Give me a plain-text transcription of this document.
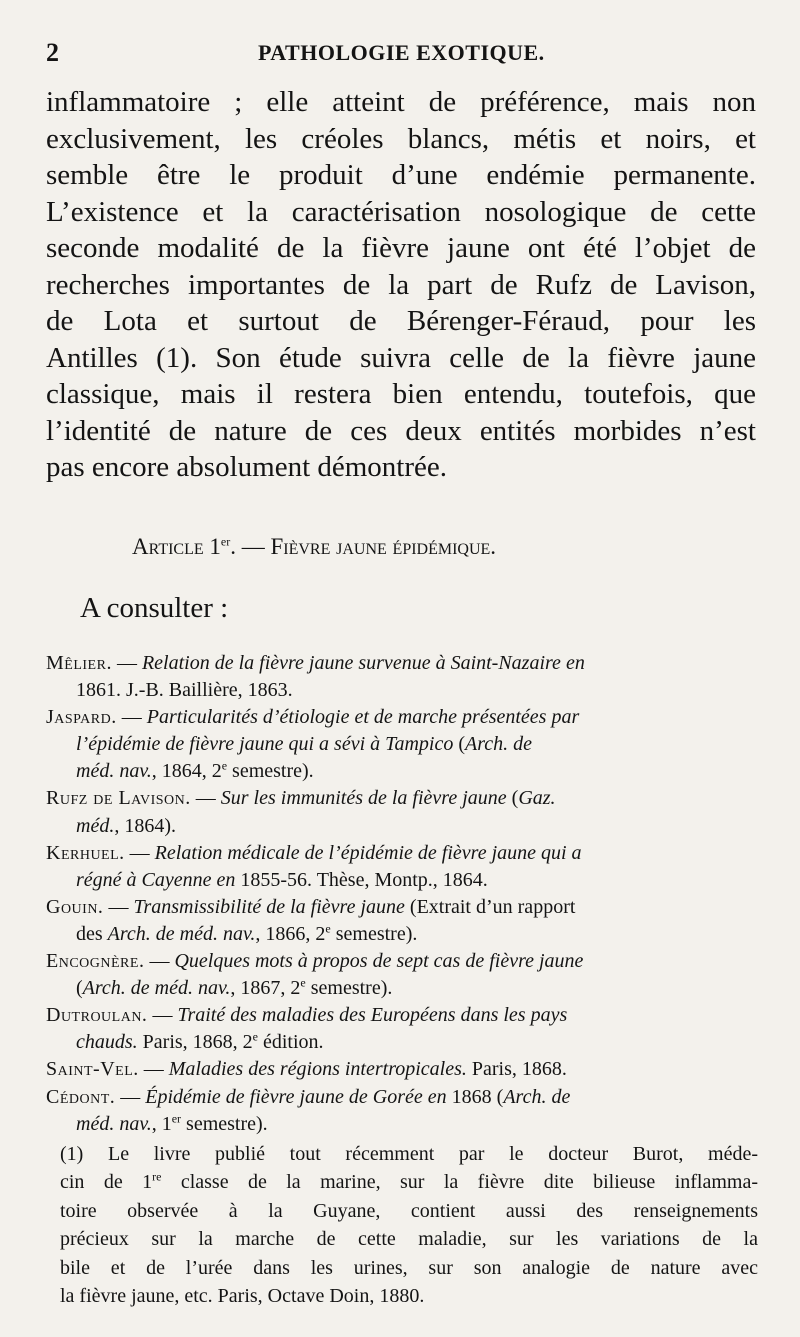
2	PATHOLOGIE EXOTIQUE.
inflammatoire ; elle atteint de préférence, mais non
exclusivement, les créoles blancs, métis et noirs, et
semble être le produit d’une endémie permanente.
L’existence et la caractérisation nosologique de cette
seconde modalité de la fièvre jaune ont été l’objet de
recherches importantes de la part de Rufz de Lavison,
de Lota et surtout de Bérenger-Féraud, pour les
Antilles (1). Son étude suivra celle de la fièvre jaune
classique, mais il restera bien entendu, toutefois, que
l’identité de nature de ces deux entités morbides n’est
pas encore absolument démontrée.
Article 1er. — Fièvre jaune épidémique.
A consulter :
Mêlier. — Relation de la fièvre jaune survenue à Saint-Nazaire en
1861. J.-B. Baillière, 1863.
Jaspard. — Particularités d’étiologie et de marche présentées par
l’épidémie de fièvre jaune qui a sévi à Tampico (Arch. de
méd. nav., 1864, 2e semestre).
Rufz de Lavison. — Sur les immunités de la fièvre jaune (Gaz.
méd., 1864).
Kerhuel. — Relation médicale de l’épidémie de fièvre jaune qui a
régné à Cayenne en 1855-56. Thèse, Montp., 1864.
Gouin. — Transmissibilité de la fièvre jaune (Extrait d’un rapport
des Arch. de méd. nav., 1866, 2e semestre).
Encognère. — Quelques mots à propos de sept cas de fièvre jaune
(Arch. de méd. nav., 1867, 2e semestre).
Dutroulan. — Traité des maladies des Européens dans les pays
chauds. Paris, 1868, 2e édition.
Saint-Vel. — Maladies des régions intertropicales. Paris, 1868.
Cédont. — Épidémie de fièvre jaune de Gorée en 1868 (Arch. de
méd. nav., 1er semestre).
(1) Le livre publié tout récemment par le docteur Burot, méde-
cin de 1re classe de la marine, sur la fièvre dite bilieuse inflamma-
toire observée à la Guyane, contient aussi des renseignements
précieux sur la marche de cette maladie, sur les variations de la
bile et de l’urée dans les urines, sur son analogie de nature avec
la fièvre jaune, etc. Paris, Octave Doin, 1880.
